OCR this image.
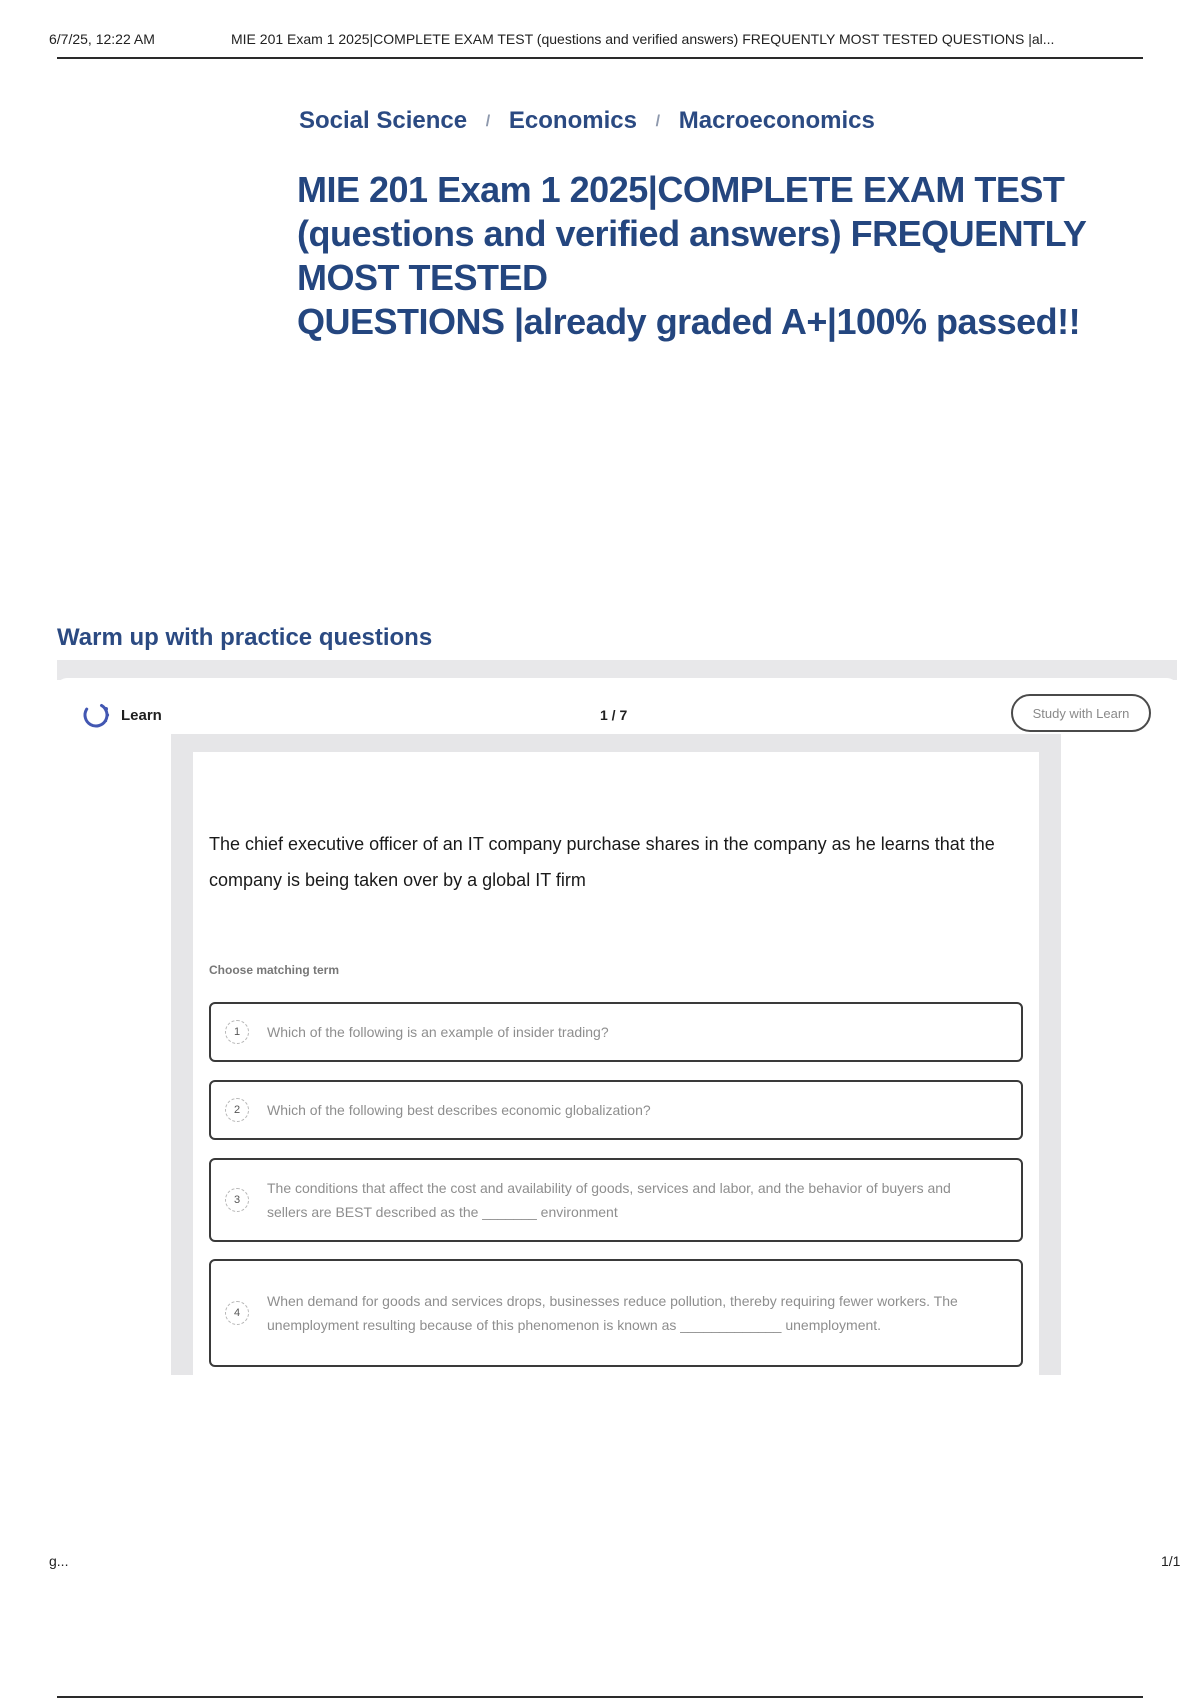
6/7/25, 12:22 AM	MIE 201 Exam 1 2025|COMPLETE EXAM TEST (questions and verified answers) FREQUENTLY MOST TESTED QUESTIONS |al...
Social Science / Economics / Macroeconomics
MIE 201 Exam 1 2025|COMPLETE EXAM TEST
(questions and verified answers) FREQUENTLY
MOST TESTED
QUESTIONS |already graded A+|100% passed!!
Warm up with practice questions
Learn	1 / 7	Study with Learn

The chief executive officer of an IT company purchase shares in the company as he learns that the company is being taken over by a global IT firm

Choose matching term
1	Which of the following is an example of insider trading?
2	Which of the following best describes economic globalization?
3
The conditions that affect the cost and availability of goods, services and labor, and the behavior of buyers and sellers are BEST described as the _______ environment
4
When demand for goods and services drops, businesses reduce pollution, thereby requiring fewer workers. The unemployment resulting because of this phenomenon is known as _____________ unemployment.
g...	1/1
